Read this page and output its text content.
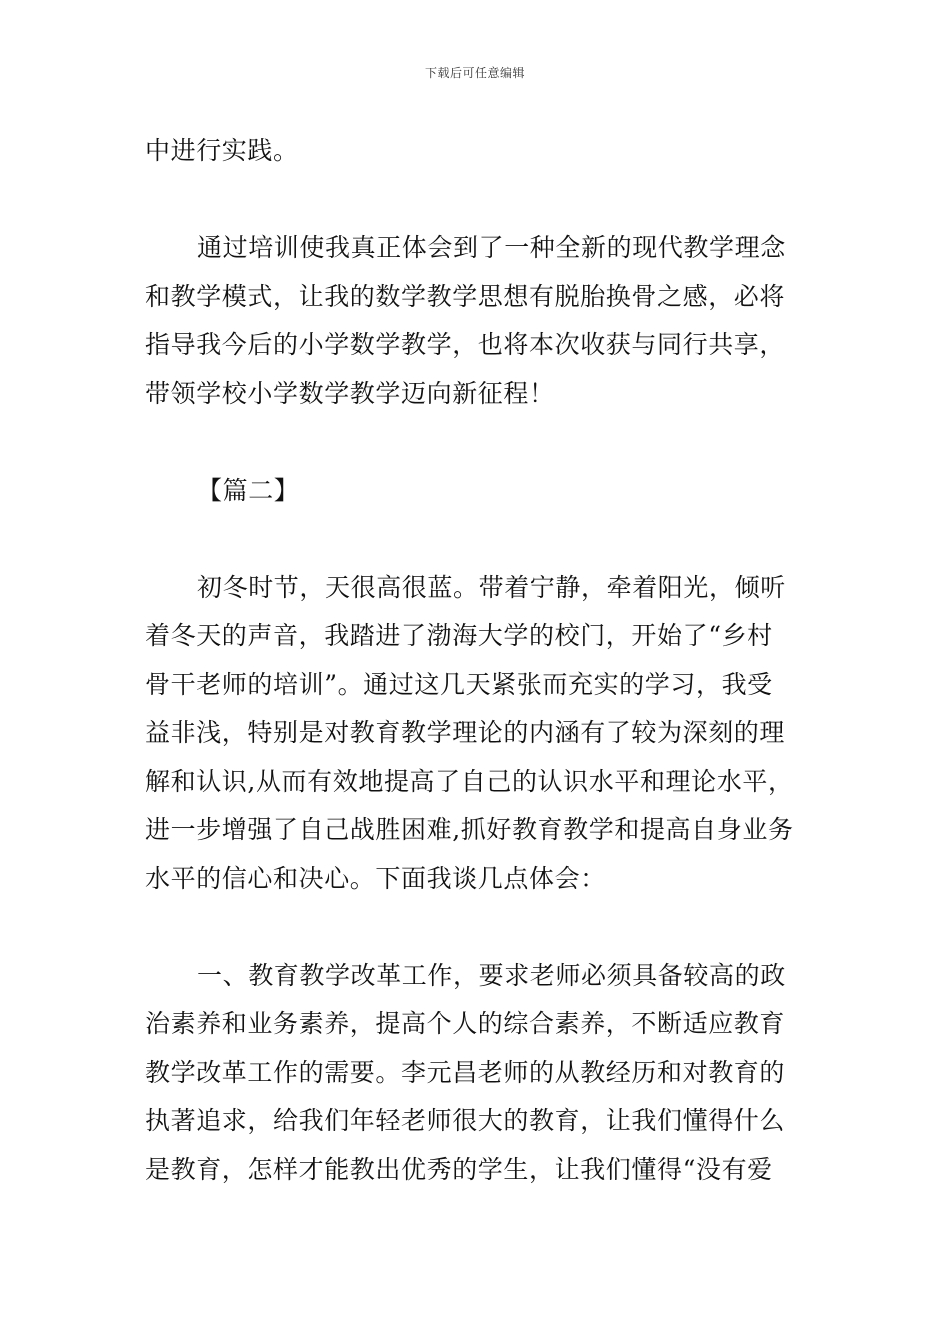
下载后可任意编辑
中进行实践。
通过培训使我真正体会到了一种全新的现代教学理念
和教学模式，让我的数学教学思想有脱胎换骨之感，必将
指导我今后的小学数学教学，也将本次收获与同行共享，
带领学校小学数学教学迈向新征程！
【篇二】
初冬时节，天很高很蓝。带着宁静，牵着阳光，倾听
着冬天的声音，我踏进了渤海大学的校门，开始了“乡村
骨干老师的培训”。通过这几天紧张而充实的学习，我受
益非浅，特别是对教育教学理论的内涵有了较为深刻的理
解和认识,从而有效地提高了自己的认识水平和理论水平，
进一步增强了自己战胜困难,抓好教育教学和提高自身业务
水平的信心和决心。下面我谈几点体会：
一、教育教学改革工作，要求老师必须具备较高的政
治素养和业务素养，提高个人的综合素养，不断适应教育
教学改革工作的需要。李元昌老师的从教经历和对教育的
执著追求，给我们年轻老师很大的教育，让我们懂得什么
是教育，怎样才能教出优秀的学生，让我们懂得“没有爱
